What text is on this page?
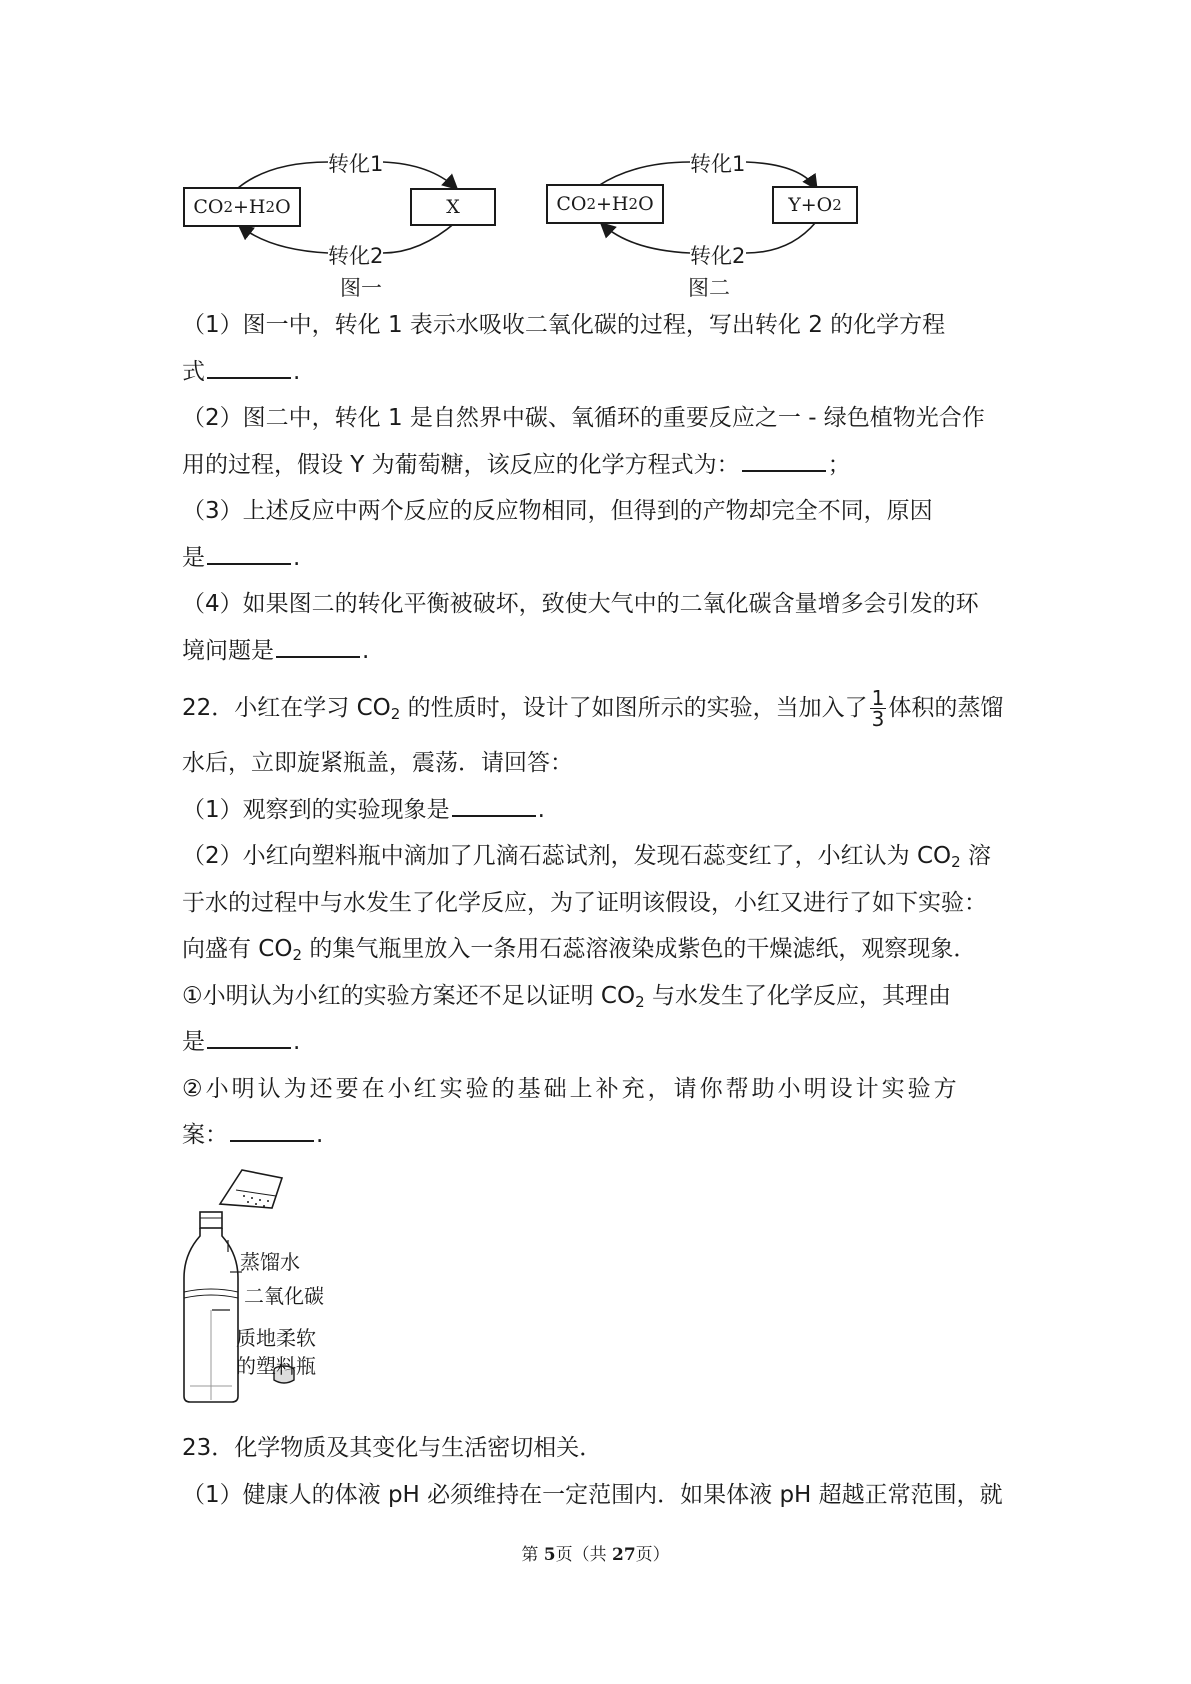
CO 2 +H 2 O	X
转化1
转化2
图一
CO 2 +H 2 O	Y+O 2
转化1
转化2
图二
（1）图一中，转化 1 表示水吸收二氧化碳的过程，写出转化 2 的化学方程
式	.
（2）图二中，转化 1 是自然界中碳、氧循环的重要反应之一 - 绿色植物光合作
用的过程，假设 Y 为葡萄糖，该反应的化学方程式为：	；
（3）上述反应中两个反应的反应物相同，但得到的产物却完全不同，原因
是	.
（4）如果图二的转化平衡被破坏，致使大气中的二氧化碳含量增多会引发的环
境问题是	.
22．小红在学习 $CO_2$ 的性质时，设计了如图所示的实验，当加入了 $\frac{1}{3}$ 体积的蒸馏
水后，立即旋紧瓶盖，震荡．请回答：
（1）观察到的实验现象是	.
（2）小红向塑料瓶中滴加了几滴石蕊试剂，发现石蕊变红了，小红认为 $CO_2$ 溶
于水的过程中与水发生了化学反应，为了证明该假设，小红又进行了如下实验：
向盛有 $CO_2$ 的集气瓶里放入一条用石蕊溶液染成紫色的干燥滤纸，观察现象．
①小明认为小红的实验方案还不足以证明 $CO_2$ 与水发生了化学反应，其理由
是	.
②小明认为还要在小红实验的基础上补充，请你帮助小明设计实验方
案：	.
蒸馏水
二氧化碳
质地柔软
的塑料瓶
23．化学物质及其变化与生活密切相关．
（1）健康人的体液 pH 必须维持在一定范围内．如果体液 pH 超越正常范围，就
第 5页（共 27页）
